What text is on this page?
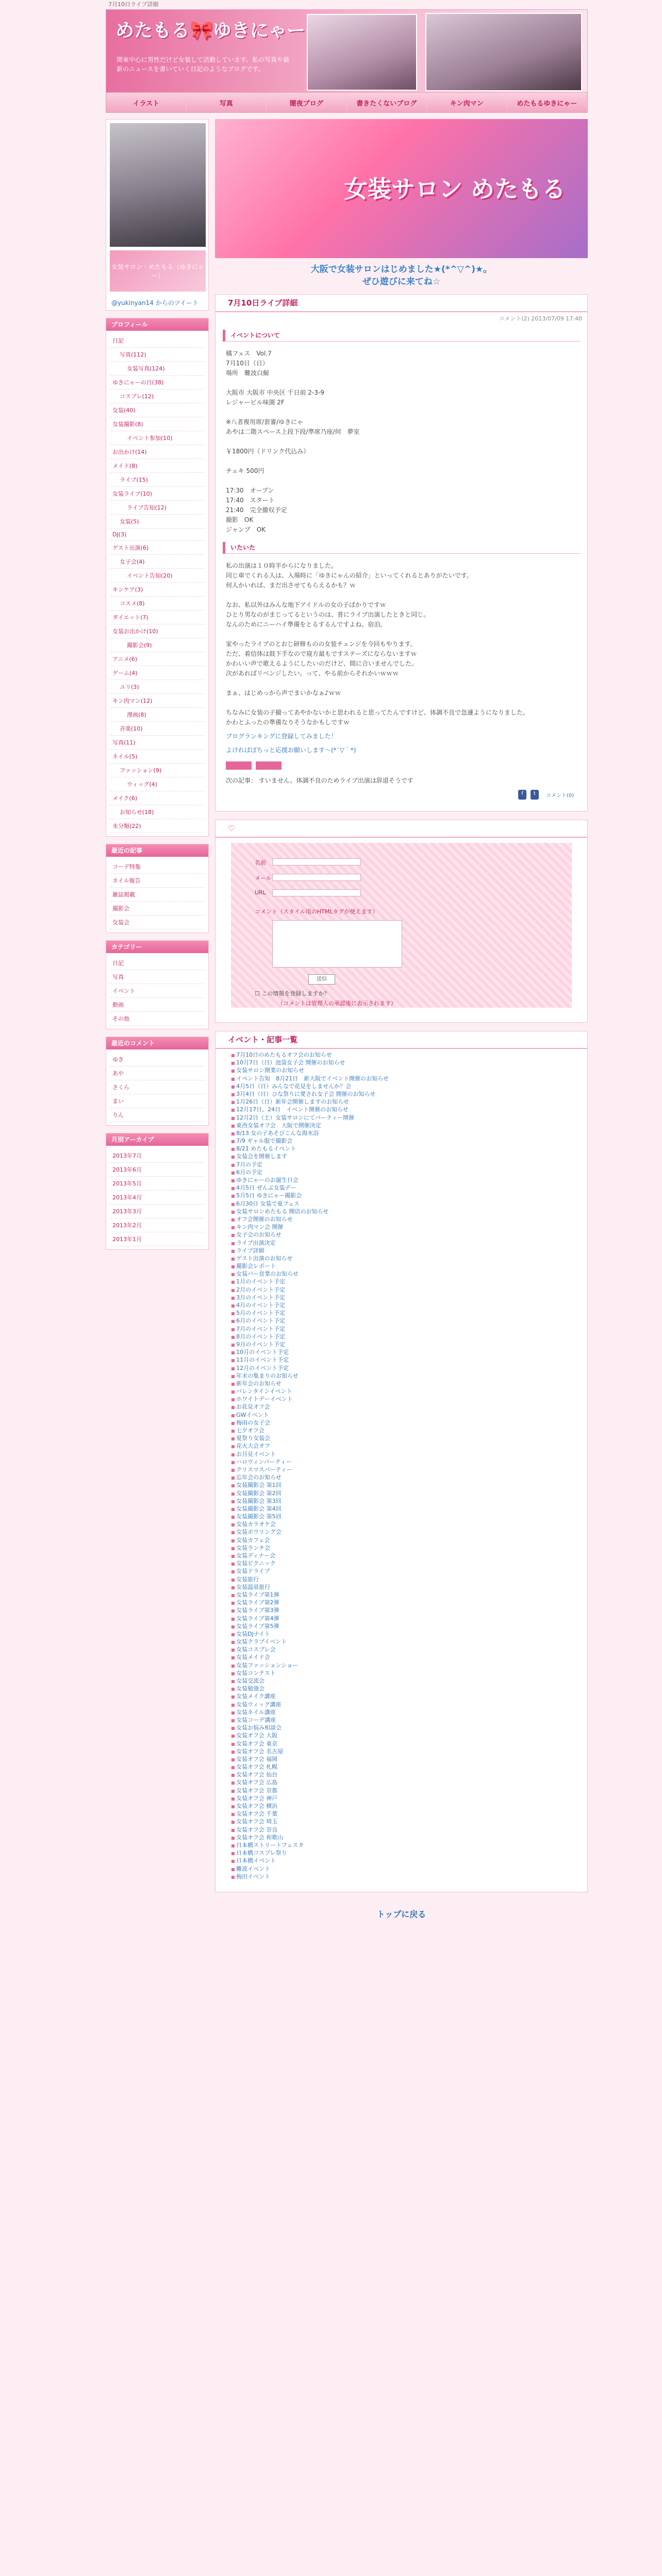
7月10日ライブ詳細
めたもる🎀ゆきにゃー
関東中心に男性だけど女装して活動しています。私の写真や最新のニュースを書いていく日記のようなブログです。
イラスト	写真	闇夜ブログ	書きたくないブログ	キン肉マン	めたもるゆきにゃー
女装サロン・めたもる（ゆきにゃー）
@yukinyan14 からのツイート
プロフィール
日記
写真(112)
女装写真(124)
ゆきにゃーの日(38)
コスプレ(12)
女装(40)
女装撮影(8)
イベント参加(10)
お出かけ(14)
メイド(8)
ライブ(15)
女装ライブ(10)
ライブ告知(12)
女装(5)
DJ(3)
ゲスト出演(6)
女子会(4)
イベント告知(20)
キンケア(3)
コスメ(8)
ダイエット(7)
女装お出かけ(10)
撮影会(9)
アニメ(6)
ゲーム(4)
ユリ(3)
キン肉マン(12)
漫画(8)
音楽(10)
写真(11)
ネイル(5)
ファッション(9)
ウィッグ(4)
メイク(6)
お知らせ(18)
未分類(22)
最近の記事
コーデ特集
ネイル報告
雑誌掲載
撮影会
女装会
カテゴリー
日記
写真
イベント
動画
その他
最近のコメント
ゆき
あや
さくら
まい
りん
月別アーカイブ
2013年7月
2013年6月
2013年5月
2013年4月
2013年3月
2013年2月
2013年1月
女装サロン めたもる
大阪で女装サロンはじめました★(*^▽^)★。
ぜひ遊びに来てね☆
7月10日ライブ詳細
コメント(2) 2013/07/09 17:40
イベントについて
橘フェス　Vol.7
7月10日（日）
場所　難波白鯨

大阪市 大阪市 中央区 千日前 2-3-9
レジャービル味園 2F

※八者複用席/套審/ゆきにゃ
あやは二階スペース上段下段/準席乃座/何　夢室

￥1800円（ドリンク代込み）

チェキ 500円

17:30　オープン
17:40　スタート
21:40　完全撤収予定
撮影　OK
ジャンプ　OK
いたいた
私の出演は１０時半からになりました。
同じ車でくれる人は、入場時に「ゆきにゃんの紹介」といってくれるとありがたいです。
何人かいれば、まだ出させてもらえるかも？ｗ

なお、私以外はみんな地下アイドルの女の子ばかりですｗ
ひとり男なのがまじってるというのは、普にライブ出演したときと同じ。
なんのためにニーハイ準備をとるするんですよね。宿泊。

家やったライブのとおじ研修ものの女装チェンジを今回もやります。
ただ、着信体は鼓下手なので寝方最もですステーズにならないますｗ
かわいい声で歌えるようにしたいのだけど、間に合いませんでした。
次があればリベンジしたい。って、やる前からそれかいｗｗｗ

まぁ、はじめっから声でまいかなぁ♪ｗｗ

ちなみに女装の子撮ってあやかないかと思われると思ってたんですけど、体調不良で急遽ようになりました。
かわとふったの準備なりそうなかもしですｗ
ブログランキングに登録してみました！
よければぽちっと応援お願いします～(*´▽｀*)
次の記事： すいません。体調不良のためライブ出演は辞退そうです
f	t	コメント(0)
♡
名前
メール
URL
コメント（スタイル用のHTMLタグが使えます）
送信
☐ この情報を登録しますか？
（コメントは管理人の承認後に表示されます）
イベント・記事一覧
■ 7月10日のめたもるオフ会のお知らせ
■ 10月7日（日）池袋女子会 開催のお知らせ
■ 女装サロン開業のお知らせ
■ イベント告知　8月21日　新大阪でイベント開催のお知らせ
■ 4月5日（日）みんなで花見をしませんか？会
■ 3月4日（日）ひな祭りに愛され女子会 開催のお知らせ
■ 1月26日（日）新年会開催しますのお知らせ
■ 12月17日、24日　イベント開催のお知らせ
■ 12月2日（土）女装サロンにてパーティー開催
■ 東西女装オフ会　大阪で開催決定
■ 8/13 女の子あそびこんな海水浴
■ 7/9 ギャル服で撮影会
■ 8/21 めたもるイベント
■ 女装会を開催します
■ 7月の予定
■ 6月の予定
■ ゆきにゃーのお誕生日会
■ 4月5日 ぜんぶ女装デー
■ 5月5日 ゆきにゃー撮影会
■ 6月30日 女装で夏フェス
■ 女装サロンめたもる 開店のお知らせ
■ オフ会開催のお知らせ
■ キン肉マン会 開催
■ 女子会のお知らせ
■ ライブ出演決定
■ ライブ詳細
■ ゲスト出演のお知らせ
■ 撮影会レポート
■ 女装バー営業のお知らせ
■ 1月のイベント予定
■ 2月のイベント予定
■ 3月のイベント予定
■ 4月のイベント予定
■ 5月のイベント予定
■ 6月のイベント予定
■ 7月のイベント予定
■ 8月のイベント予定
■ 9月のイベント予定
■ 10月のイベント予定
■ 11月のイベント予定
■ 12月のイベント予定
■ 年末の集まりのお知らせ
■ 新年会のお知らせ
■ バレンタインイベント
■ ホワイトデーイベント
■ お花見オフ会
■ GWイベント
■ 梅雨の女子会
■ 七夕オフ会
■ 夏祭り女装会
■ 花火大会オフ
■ お月見イベント
■ ハロウィンパーティー
■ クリスマスパーティー
■ 忘年会のお知らせ
■ 女装撮影会 第1回
■ 女装撮影会 第2回
■ 女装撮影会 第3回
■ 女装撮影会 第4回
■ 女装撮影会 第5回
■ 女装カラオケ会
■ 女装ボウリング会
■ 女装カフェ会
■ 女装ランチ会
■ 女装ディナー会
■ 女装ピクニック
■ 女装ドライブ
■ 女装旅行
■ 女装温泉旅行
■ 女装ライブ第1弾
■ 女装ライブ第2弾
■ 女装ライブ第3弾
■ 女装ライブ第4弾
■ 女装ライブ第5弾
■ 女装DJナイト
■ 女装クラブイベント
■ 女装コスプレ会
■ 女装メイド会
■ 女装ファッションショー
■ 女装コンテスト
■ 女装交流会
■ 女装勉強会
■ 女装メイク講座
■ 女装ウィッグ講座
■ 女装ネイル講座
■ 女装コーデ講座
■ 女装お悩み相談会
■ 女装オフ会 大阪
■ 女装オフ会 東京
■ 女装オフ会 名古屋
■ 女装オフ会 福岡
■ 女装オフ会 札幌
■ 女装オフ会 仙台
■ 女装オフ会 広島
■ 女装オフ会 京都
■ 女装オフ会 神戸
■ 女装オフ会 横浜
■ 女装オフ会 千葉
■ 女装オフ会 埼玉
■ 女装オフ会 奈良
■ 女装オフ会 和歌山
■ 日本橋ストリートフェスタ
■ 日本橋コスプレ祭り
■ 日本橋イベント
■ 難波イベント
■ 梅田イベント
トップに戻る
